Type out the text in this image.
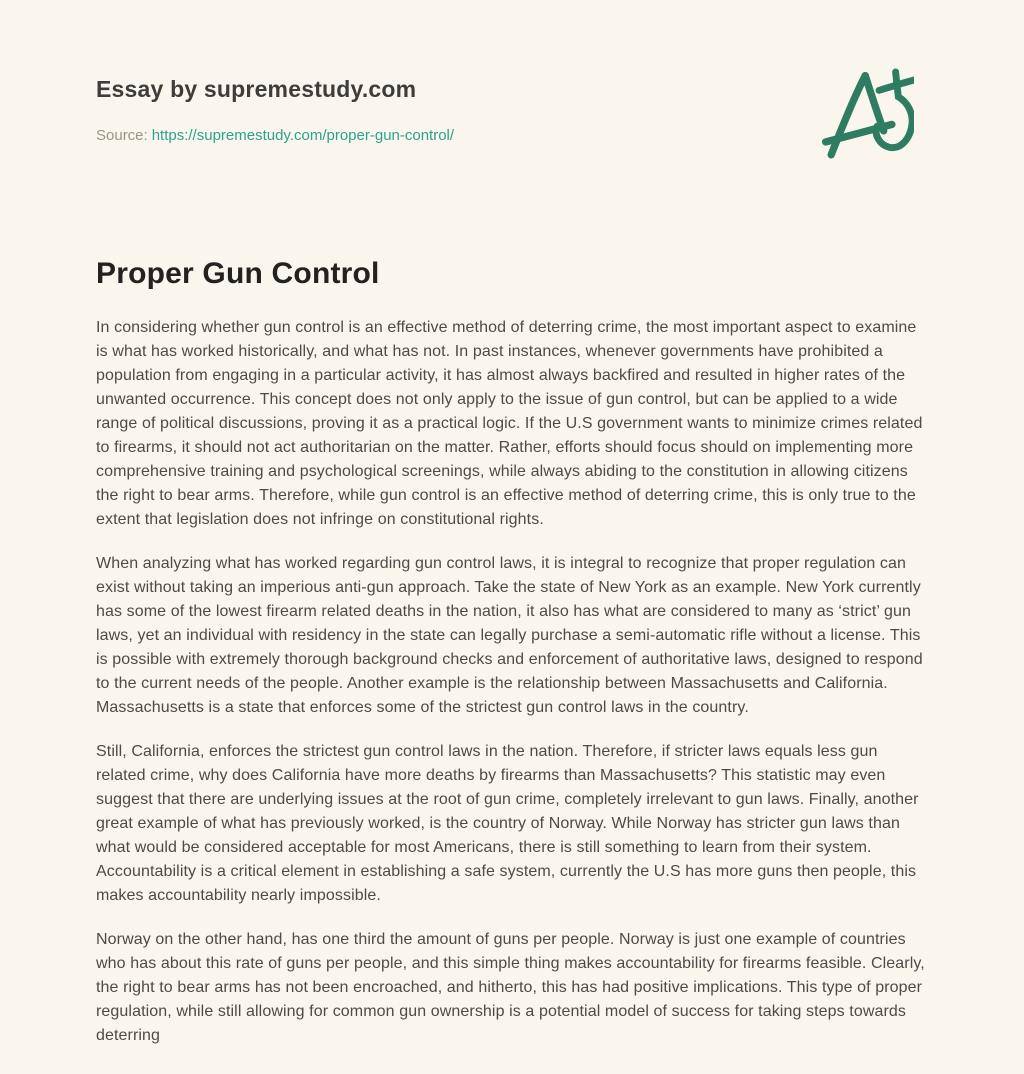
Essay by supremestudy.com
Source: https://supremestudy.com/proper-gun-control/
Proper Gun Control

In considering whether gun control is an effective method of deterring crime, the most important aspect to examine is what has worked historically, and what has not. In past instances, whenever governments have prohibited a population from engaging in a particular activity, it has almost always backfired and resulted in higher rates of the unwanted occurrence. This concept does not only apply to the issue of gun control, but can be applied to a wide range of political discussions, proving it as a practical logic. If the U.S government wants to minimize crimes related to firearms, it should not act authoritarian on the matter. Rather, efforts should focus should on implementing more comprehensive training and psychological screenings, while always abiding to the constitution in allowing citizens the right to bear arms. Therefore, while gun control is an effective method of deterring crime, this is only true to the extent that legislation does not infringe on constitutional rights.

When analyzing what has worked regarding gun control laws, it is integral to recognize that proper regulation can exist without taking an imperious anti-gun approach. Take the state of New York as an example. New York currently has some of the lowest firearm related deaths in the nation, it also has what are considered to many as ‘strict’ gun laws, yet an individual with residency in the state can legally purchase a semi-automatic rifle without a license. This is possible with extremely thorough background checks and enforcement of authoritative laws, designed to respond to the current needs of the people. Another example is the relationship between Massachusetts and California. Massachusetts is a state that enforces some of the strictest gun control laws in the country.

Still, California, enforces the strictest gun control laws in the nation. Therefore, if stricter laws equals less gun related crime, why does California have more deaths by firearms than Massachusetts? This statistic may even suggest that there are underlying issues at the root of gun crime, completely irrelevant to gun laws. Finally, another great example of what has previously worked, is the country of Norway. While Norway has stricter gun laws than what would be considered acceptable for most Americans, there is still something to learn from their system. Accountability is a critical element in establishing a safe system, currently the U.S has more guns then people, this makes accountability nearly impossible.

Norway on the other hand, has one third the amount of guns per people. Norway is just one example of countries who has about this rate of guns per people, and this simple thing makes accountability for firearms feasible. Clearly, the right to bear arms has not been encroached, and hitherto, this has had positive implications. This type of proper regulation, while still allowing for common gun ownership is a potential model of success for taking steps towards deterring
